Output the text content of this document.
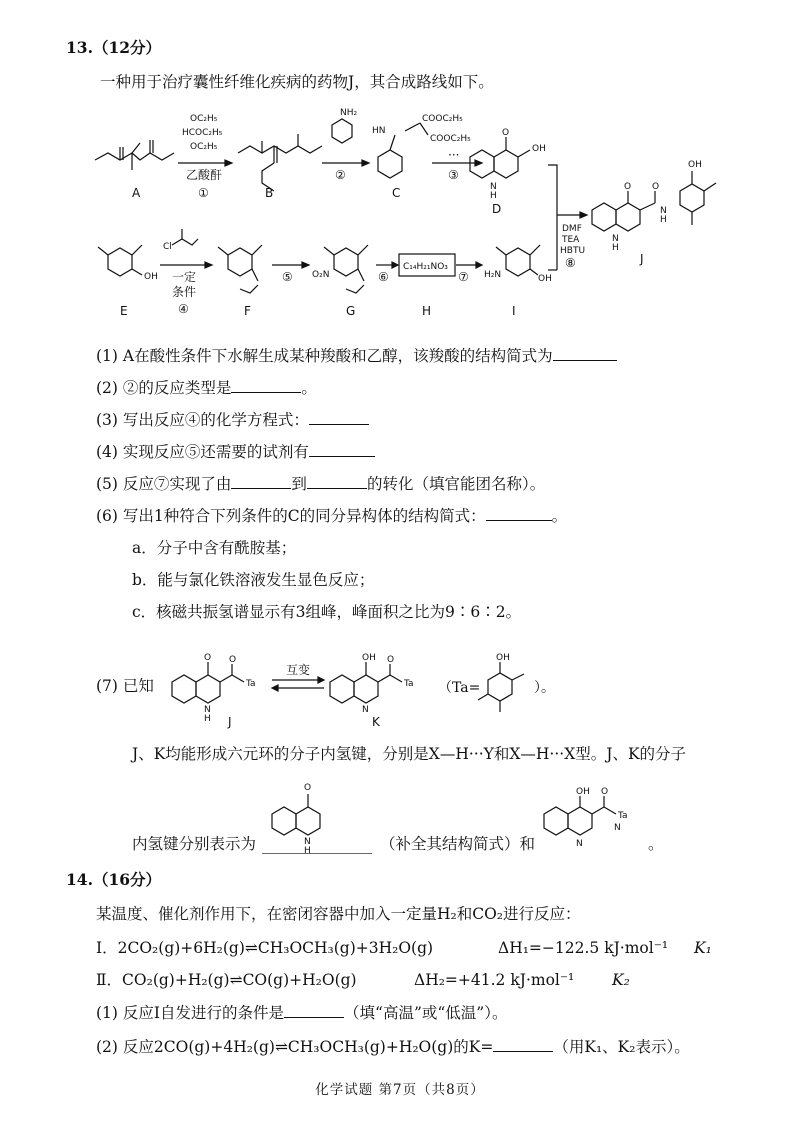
13.（12分）
一种用于治疗囊性纤维化疾病的药物J，其合成路线如下。
A
OC₂H₅
HCOC₂H₅
OC₂H₅
乙酸酐
①	B
NH₂
②
HN
COOC₂H₅
COOC₂H₅
C
···
③
O
OH
N
H
D
DMF
TEA
HBTU
⑧
O O
N
H
OH
N
H
J
OH
E
Cl
一定
条件
④	F
⑤ O₂N
G
⑥
C₁₄H₂₁NO₃
H
⑦ H₂N	OH
I
(1) A在酸性条件下水解生成某种羧酸和乙醇，该羧酸的结构简式为
(2) ②的反应类型是	。
(3) 写出反应④的化学方程式：
(4) 实现反应⑤还需要的试剂有
(5) 反应⑦实现了由	到	的转化（填官能团名称）。
(6) 写出1种符合下列条件的C的同分异构体的结构简式：	。
a．分子中含有酰胺基；
b．能与氯化铁溶液发生显色反应；
c．核磁共振氢谱显示有3组峰，峰面积之比为9∶6∶2。
(7) 已知
O O
Ta
N
H J
互变
OH O
Ta
N
K
（Ta=
OH
）。
J、K均能形成六元环的分子内氢键，分别是X—H···Y和X—H···X型。J、K的分子
O
N
H
OH O
Ta
N
N
内氢键分别表示为	（补全其结构简式）和	。
14.（16分）
某温度、催化剂作用下，在密闭容器中加入一定量H₂和CO₂进行反应：
Ⅰ．2CO₂(g)+6H₂(g)⇌CH₃OCH₃(g)+3H₂O(g)	ΔH₁=−122.5 kJ·mol⁻¹ K₁
Ⅱ．CO₂(g)+H₂(g)⇌CO(g)+H₂O(g)	ΔH₂=+41.2 kJ·mol⁻¹ K₂
(1) 反应Ⅰ自发进行的条件是	（填“高温”或“低温”）。
(2) 反应2CO(g)+4H₂(g)⇌CH₃OCH₃(g)+H₂O(g)的K=	（用K₁、K₂表示）。
化学试题 第7页（共8页）
